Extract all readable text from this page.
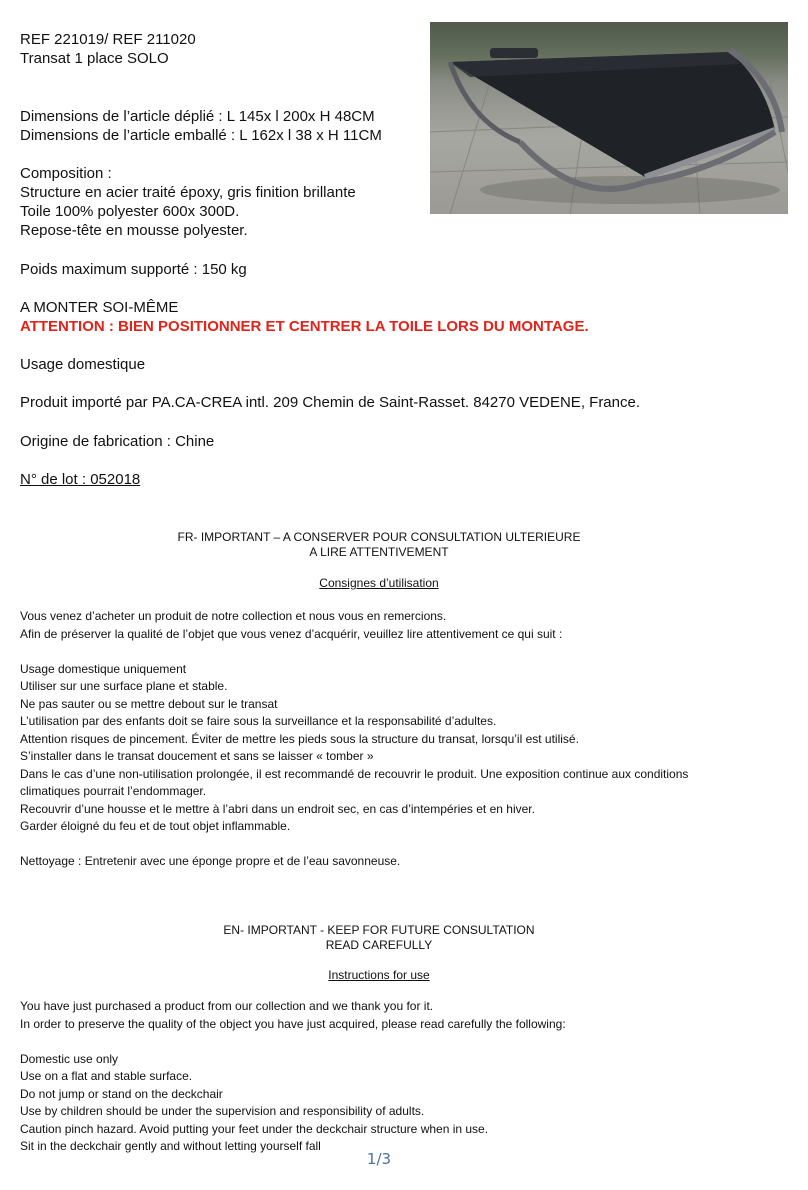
REF 221019/ REF 211020
Transat 1 place SOLO
Dimensions de l’article déplié : L 145x l 200x H 48CM
Dimensions de l’article emballé : L 162x l 38 x H 11CM
Composition :
Structure en acier traité époxy, gris finition brillante
Toile 100% polyester 600x 300D.
Repose-tête en mousse polyester.
Poids maximum supporté : 150 kg
A MONTER SOI-MÊME
ATTENTION : BIEN POSITIONNER ET CENTRER LA TOILE LORS DU MONTAGE.
Usage domestique
Produit importé par PA.CA-CREA intl. 209 Chemin de Saint-Rasset. 84270 VEDENE, France.
Origine de fabrication : Chine
N° de lot : 052018
FR- IMPORTANT – A CONSERVER POUR CONSULTATION ULTERIEURE
A LIRE ATTENTIVEMENT
Consignes d’utilisation
Vous venez d’acheter un produit de notre collection et nous vous en remercions.
Afin de préserver la qualité de l’objet que vous venez d’acquérir, veuillez lire attentivement ce qui suit :
Usage domestique uniquement
Utiliser sur une surface plane et stable.
Ne pas sauter ou se mettre debout sur le transat
L’utilisation par des enfants doit se faire sous la surveillance et la responsabilité d’adultes.
Attention risques de pincement. Éviter de mettre les pieds sous la structure du transat, lorsqu’il est utilisé.
S’installer dans le transat doucement et sans se laisser « tomber »
Dans le cas d’une non-utilisation prolongée, il est recommandé de recouvrir le produit. Une exposition continue aux conditions
climatiques pourrait l’endommager.
Recouvrir d’une housse et le mettre à l’abri dans un endroit sec, en cas d’intempéries et en hiver.
Garder éloigné du feu et de tout objet inflammable.
Nettoyage : Entretenir avec une éponge propre et de l’eau savonneuse.
EN- IMPORTANT - KEEP FOR FUTURE CONSULTATION
READ CAREFULLY
Instructions for use
You have just purchased a product from our collection and we thank you for it.
In order to preserve the quality of the object you have just acquired, please read carefully the following:
Domestic use only
Use on a flat and stable surface.
Do not jump or stand on the deckchair
Use by children should be under the supervision and responsibility of adults.
Caution pinch hazard. Avoid putting your feet under the deckchair structure when in use.
Sit in the deckchair gently and without letting yourself fall
1/3
